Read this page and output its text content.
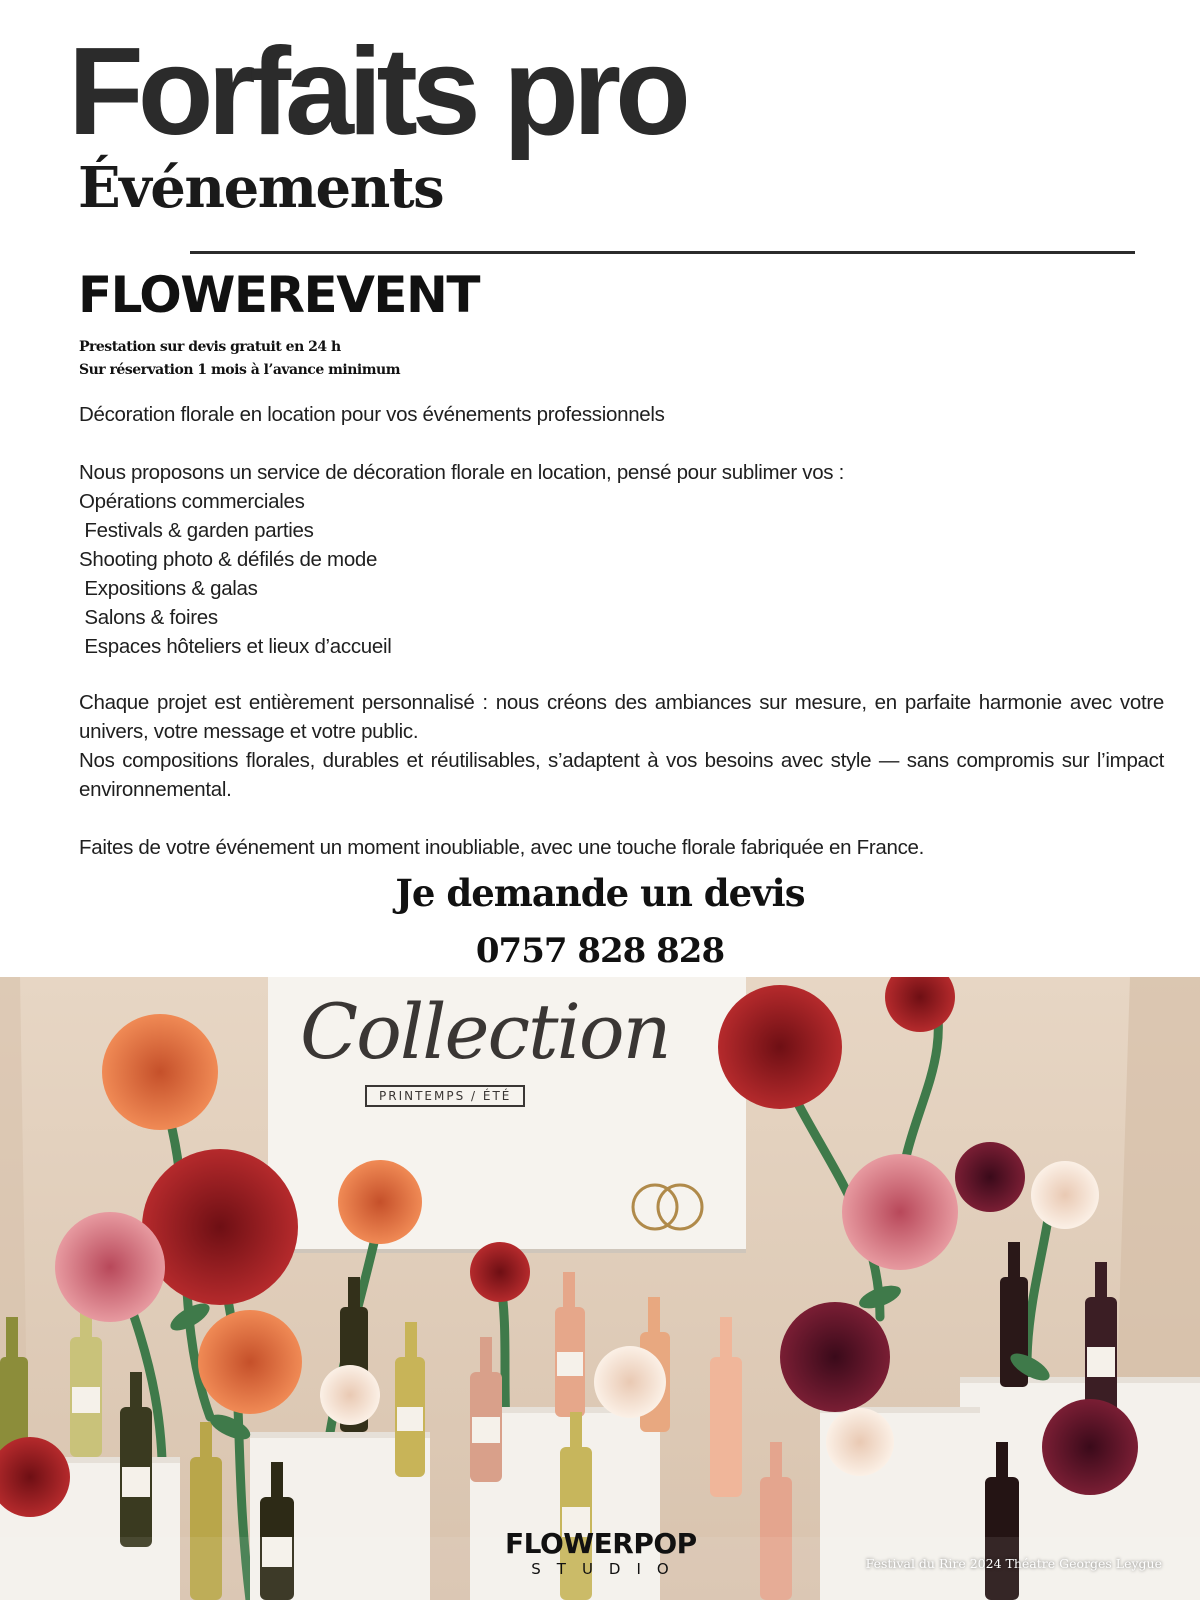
Forfaits pro
Événements
FLOWEREVENT
Prestation sur devis gratuit en 24 h
Sur réservation 1 mois à l’avance minimum

Décoration florale en location pour vos événements professionnels

Nous proposons un service de décoration florale en location, pensé pour sublimer vos :

Opérations commerciales
Festivals & garden parties
Shooting photo & défilés de mode
Expositions & galas
Salons & foires
Espaces hôteliers et lieux d’accueil

Chaque projet est entièrement personnalisé : nous créons des ambiances sur mesure, en parfaite harmonie avec votre univers, votre message et votre public.

Nos compositions florales, durables et réutilisables, s’adaptent à vos besoins avec style — sans compromis sur l’impact environnemental.

Faites de votre événement un moment inoubliable, avec une touche florale fabriquée en France.

Je demande un devis
0757 828 828
Collection
PRINTEMPS / ÉTÉ
FLOWERPOP
STUDIO	Festival du Rire 2024 Théatre Georges Leygue
